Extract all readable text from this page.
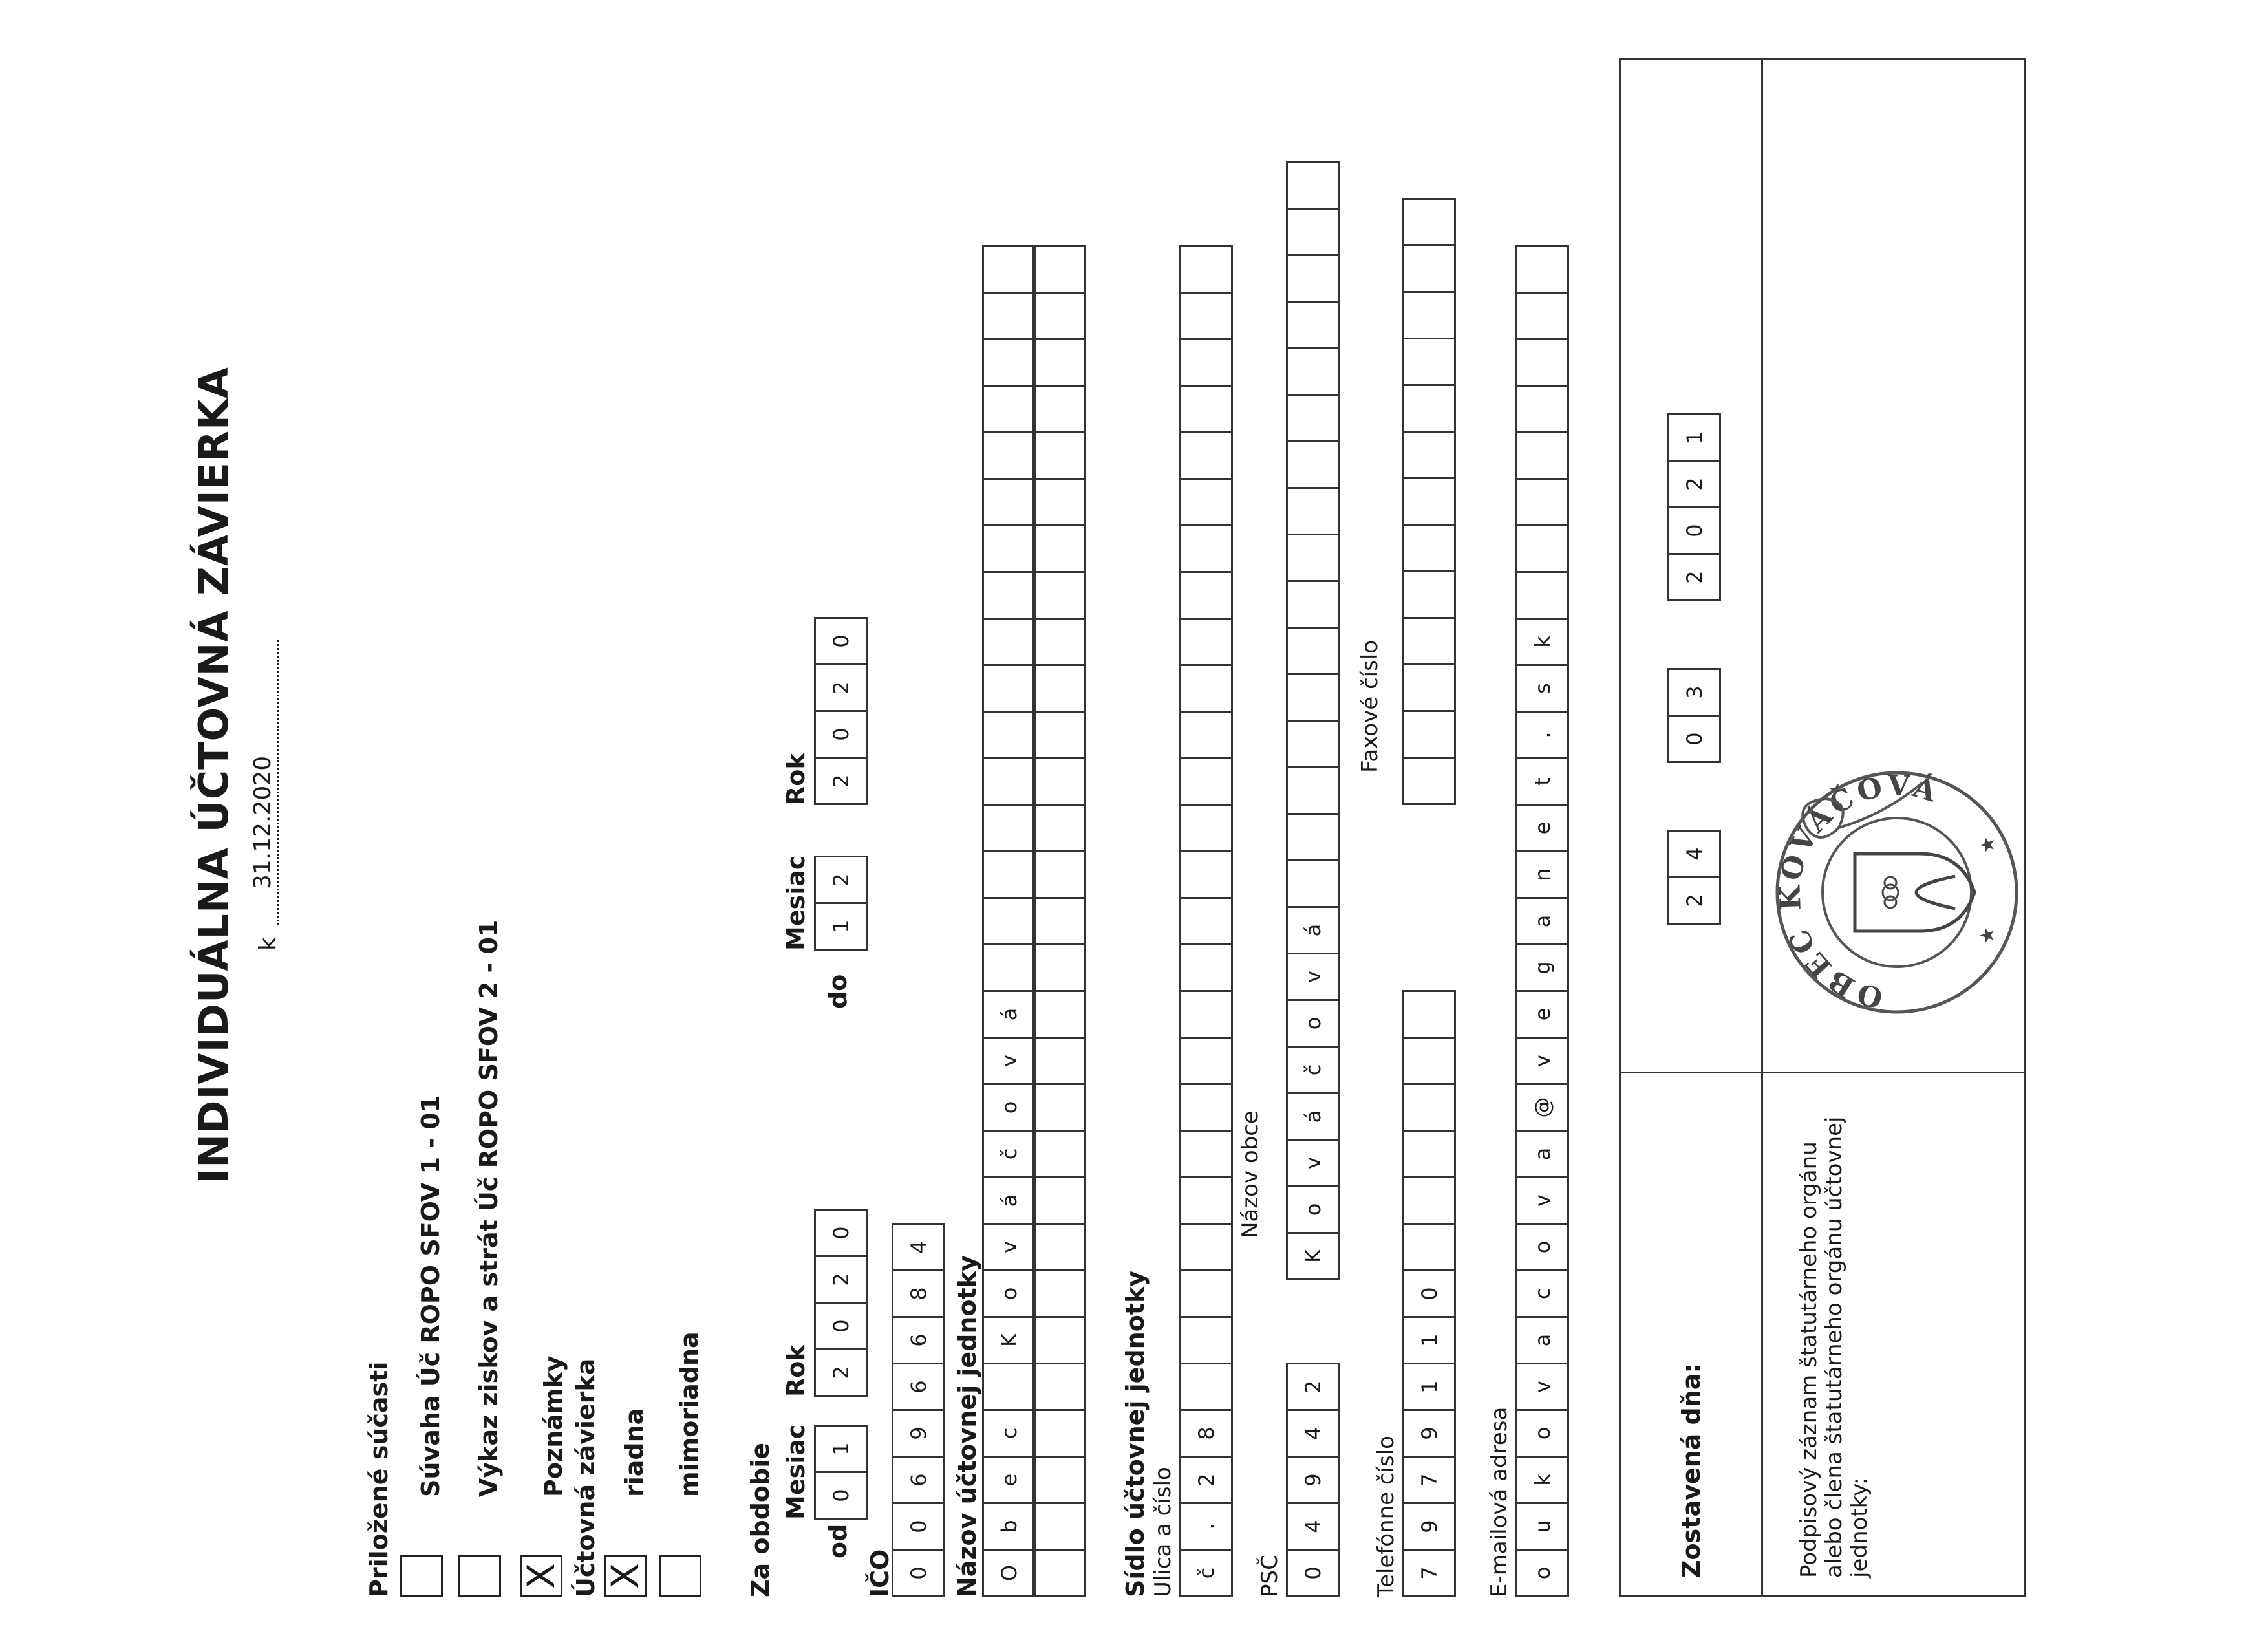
INDIVIDUÁLNA ÚČTOVNÁ ZÁVIERKA k
31.12.2020
Priložené súčasti Súvaha Úč ROPO SFOV 1 - 01 Výkaz ziskov a strát Úč ROPO SFOV 2 - 01
X
Poznámky Účtovná závierka X
riadna mimoriadna
Za obdobie Mesiac
Rok
Mesiac
Rok
od
0
1
2
0
2
0
do
1
2
2
0
2
0
IČO 0
0
6
9
6
6
8
4
Názov účtovnej jednotky O
b
e
c
K
o
v
á
č
o
v
á
Sídlo účtovnej jednotky Ulica a číslo č
.
2
8
PSČ 0
4
9
4
2
Názov obce
K
o
v
á
č
o
v
á
Telefónne číslo 7
9
7
9
1
1
0
Faxové číslo
E-mailová adresa o
u
k
o
v
a
c
o
v
a
@
v
e
g
a
n
e
t
.
s
k
Zostavená dňa:
2
4
0
3
2
0
2
1
Podpisový záznam štatutárneho orgánu alebo člena štatutárneho orgánu účtovnej jednotky:
OBEC KOVÁČOVÁ
★
★
